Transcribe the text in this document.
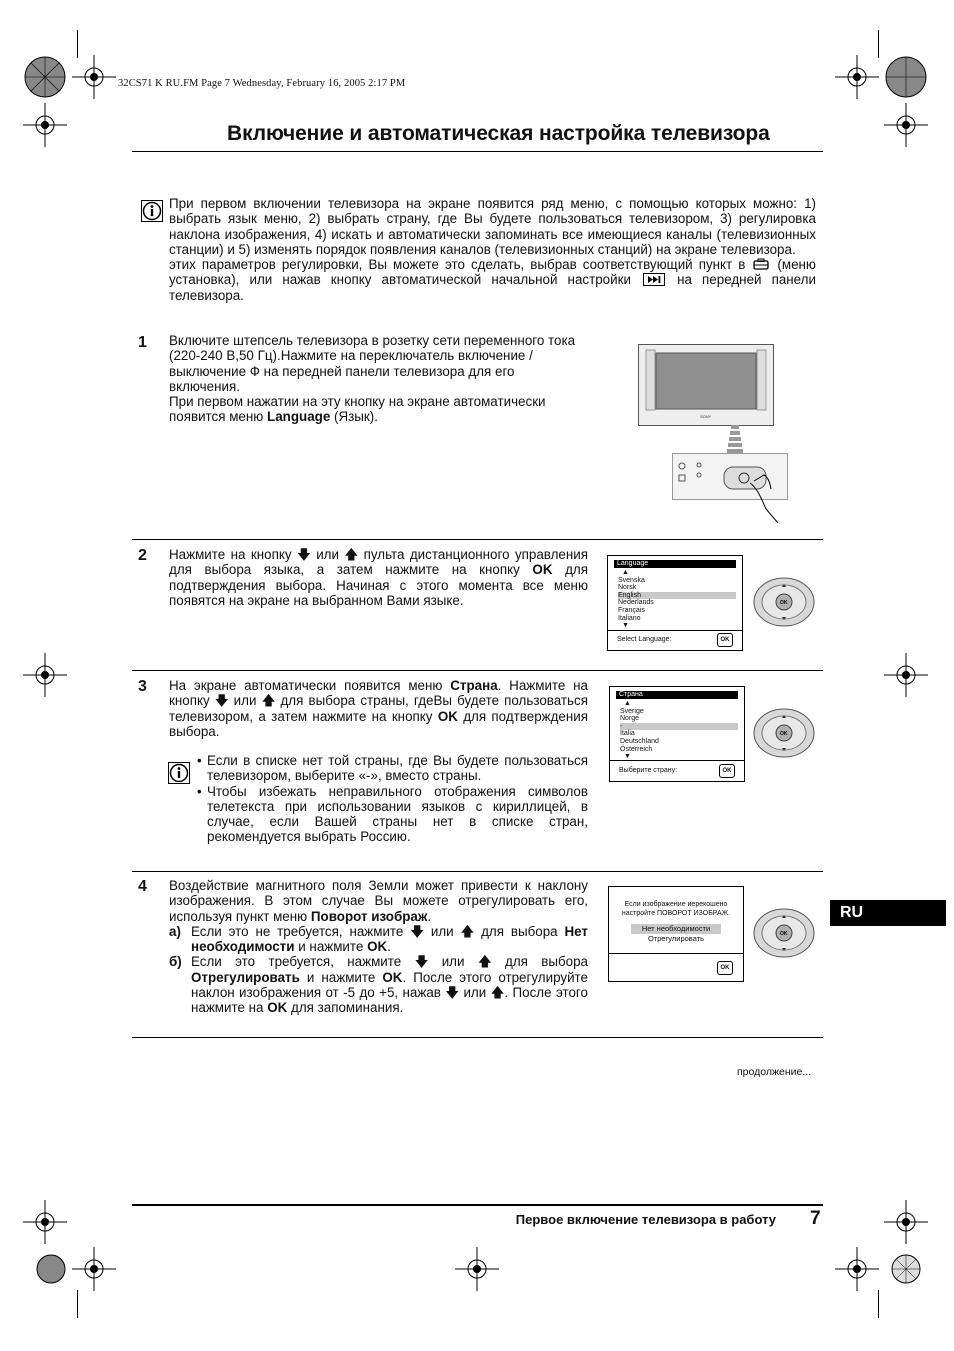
32CS71 K RU.FM Page 7 Wednesday, February 16, 2005 2:17 PM
Включение и автоматическая настройка телевизора
При первом включении телевизора на экране появится ряд меню, с помощью которых можно: 1) выбрать язык меню, 2) выбрать страну, где Вы будете пользоваться телевизором, 3) регулировка наклона изображения, 4) искать и автоматически запоминать все имеющиеся каналы (телевизионных станции) и 5) изменять порядок появления каналов (телевизионных станций) на экране телевизора.
этих параметров регулировки, Вы можете это сделать, выбрав соответствующий пункт в (меню установка), или нажав кнопку автоматической начальной настройки	на передней панели телевизора.
1 Включите штепсель телевизора в розетку сети переменного тока (220-240 В,50 Гц).Нажмите на переключатель включение /выключение Ф на передней панели телевизора для его включения.
При первом нажатии на эту кнопку на экране автоматически появится меню Language (Язык).	SONY
2 Нажмите на кнопку 🡇 или 🡅 пульта дистанционного управления для выбора языка, а затем нажмите на кнопку OK для подтверждения выбора. Начиная с этого момента все меню появятся на экране на выбранном Вами языке.
Language
▲
Svenska
Norsk
English
Nederlands
Français
Italiano
▼
Select Language:	OK
OK
3 На экране автоматически появится меню Страна. Нажмите на кнопку 🡇 или 🡅 для выбора страны, гдеВы будете пользоваться телевизором, а затем нажмите на кнопку OK для подтверждения выбора.
• Если в списке нет той страны, где Вы будете пользоваться телевизором, выберите «-», вместо страны.
• Чтобы избежать неправильного отображения символов телетекста при использовании языков с кириллицей, в случае, если Вашей страны нет в списке стран, рекомендуется выбрать Россию.
Страна
▲
Sverige
Norge
-
Italia
Deutschland
Österreich
▼
Выберите страну:	OK
OK
4 Воздействие магнитного поля Земли может привести к наклону изображения. В этом случае Вы можете отрегулировать его, используя пункт меню Поворот изображ.
а) Если это не требуется, нажмите 🡇 или 🡅 для выбора Нет необходимости и нажмите OK.
б) Если это требуется, нажмите 🡇 или 🡅 для выбора Отрегулировать и нажмите OK. После этого отрегулируйте наклон изображения от -5 до +5, нажав 🡇 или 🡅. После этого нажмите на OK для запоминания.
Если изображение иерекошено
настройте ПОВОРОТ ИЗОБРАЖ.
Нет необходимости
Отрегулировать
OK
OK
RU
продолжение...
Первое включение телевизора в работу 7
